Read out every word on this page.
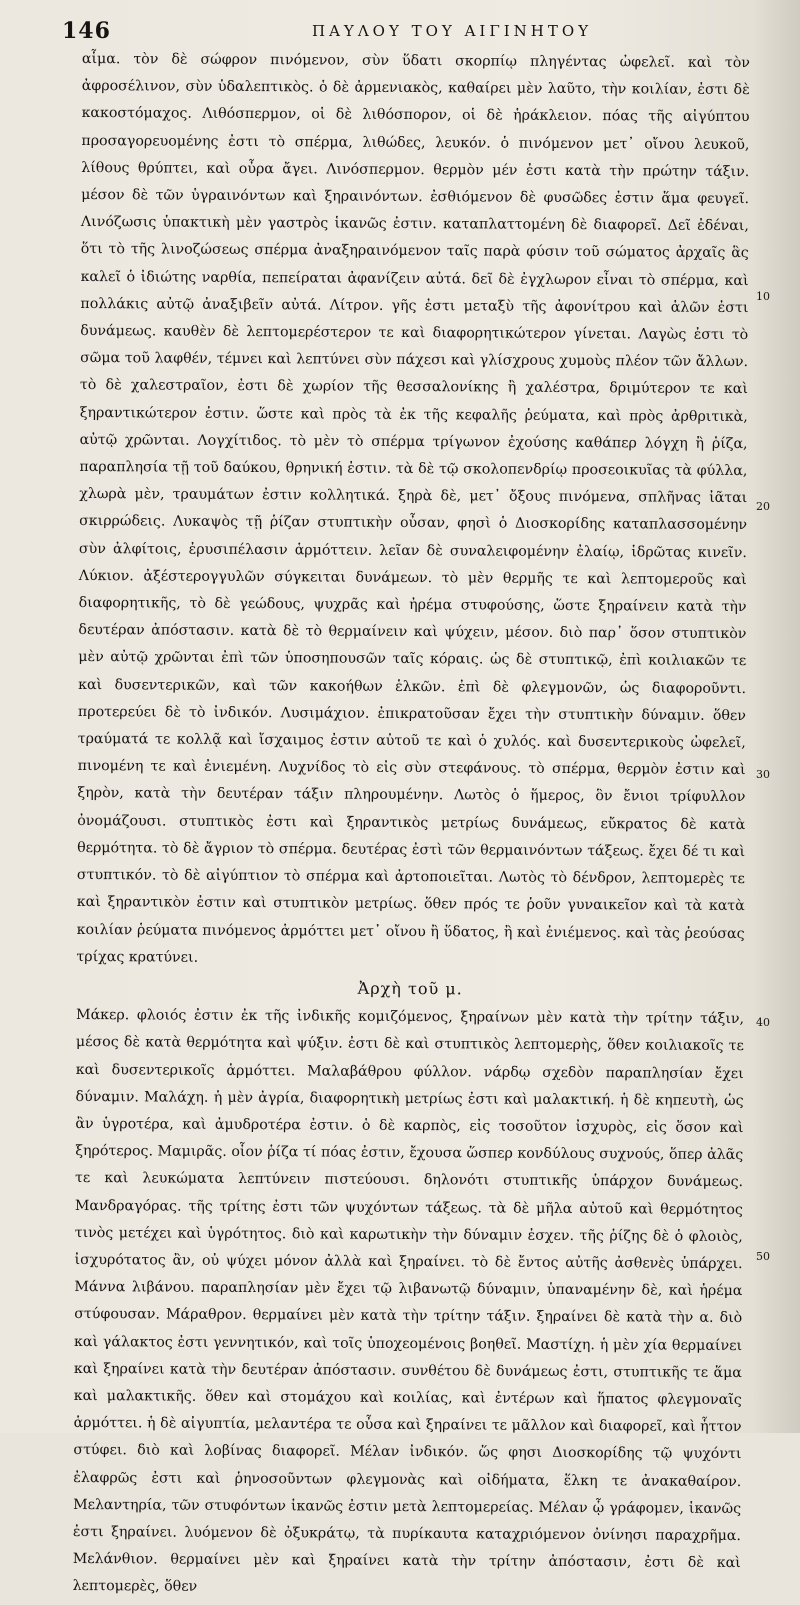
146	ΠΑΥΛΟΥ ΤΟΥ ΑΙΓΙΝΗΤΟΥ

αἷμα. τὸν δὲ σώφρον πινόμενον, σὺν ὕδατι σκορπίῳ πληγέντας ὠφελεῖ. καὶ τὸν ἀφροσέλινον, σὺν ὑδαλεπτικὸς. ὁ δὲ ἀρμενιακὸς, καθαίρει μὲν λαῦτο, τὴν κοιλίαν, ἐστι δὲ κακοστόμαχος. Λιθόσπερμον, οἱ δὲ λιθόσπορον, οἱ δὲ ἡράκλειον. πόας τῆς αἰγύπτου προσαγορευομένης ἐστι τὸ σπέρμα, λιθώδες, λευκόν. ὁ πινόμενον μετ᾽ οἴνου λευκοῦ, λίθους θρύπτει, καὶ οὖρα ἄγει. Λινόσπερμον. θερμὸν μέν ἐστι κατὰ τὴν πρώτην τάξιν. μέσον δὲ τῶν ὑγραινόντων καὶ ξηραινόντων. ἐσθιόμενον δὲ φυσῶδες ἐστιν ἅμα φευγεῖ. Λινόζωσις ὑπακτικὴ μὲν γαστρὸς ἱκανῶς ἐστιν. καταπλαττομένη δὲ διαφορεῖ. Δεῖ ἐδέναι, ὅτι τὸ τῆς λινοζώσεως σπέρμα ἀναξηραινόμενον ταῖς παρὰ φύσιν τοῦ σώματος ἀρχαῖς ἃς καλεῖ ὁ ἰδιώτης ναρθία, πεπείραται ἀφανίζειν αὐτά. δεῖ δὲ ἐγχλωρον εἶναι τὸ σπέρμα, καὶ πολλάκις αὐτῷ ἀναξιβεῖν αὐτά. Λίτρον. γῆς ἐστι μεταξὺ τῆς ἀφονίτρου καὶ ἁλῶν ἐστι δυνάμεως. καυθὲν δὲ λεπτομερέστερον τε καὶ διαφορητικώτερον γίνεται. Λαγὼς ἐστι τὸ σῶμα τοῦ λαφθέν, τέμνει καὶ λεπτύνει σὺν πάχεσι καὶ γλίσχρους χυμοὺς πλέον τῶν ἄλλων. τὸ δὲ χαλεστραῖον, ἐστι δὲ χωρίον τῆς θεσσαλονίκης ἢ χαλέστρα, δριμύτερον τε καὶ ξηραντικώτερον ἐστιν. ὥστε καὶ πρὸς τὰ ἐκ τῆς κεφαλῆς ῥεύματα, καὶ πρὸς ἀρθριτικὰ, αὐτῷ χρῶνται. Λογχίτιδος. τὸ μὲν τὸ σπέρμα τρίγωνον ἐχούσης καθάπερ λόγχη ἢ ῥίζα, παραπλησία τῇ τοῦ δαύκου, θρηνική ἐστιν. τὰ δὲ τῷ σκολοπενδρίῳ προσεοικυῖας τὰ φύλλα, χλωρὰ μὲν, τραυμάτων ἐστιν κολλητικά. ξηρὰ δὲ, μετ᾽ ὄξους πινόμενα, σπλῆνας ἰᾶται σκιρρώδεις. Λυκαψὸς τῇ ῥίζαν στυπτικὴν οὖσαν, φησὶ ὁ Διοσκορίδης καταπλασσομένην σὺν ἀλφίτοις, ἐρυσιπέλασιν ἁρμόττειν. λεῖαν δὲ συναλειφομένην ἐλαίῳ, ἱδρῶτας κινεῖν. Λύκιον. ἀξέστερογγυλῶν σύγκειται δυνάμεων. τὸ μὲν θερμῆς τε καὶ λεπτομεροῦς καὶ διαφορητικῆς, τὸ δὲ γεώδους, ψυχρᾶς καὶ ἠρέμα στυφούσης, ὥστε ξηραίνειν κατὰ τὴν δευτέραν ἀπόστασιν. κατὰ δὲ τὸ θερμαίνειν καὶ ψύχειν, μέσον. διὸ παρ᾽ ὅσον στυπτικὸν μὲν αὐτῷ χρῶνται ἐπὶ τῶν ὑποσηπουσῶν ταῖς κόραις. ὡς δὲ στυπτικῷ, ἐπὶ κοιλιακῶν τε καὶ δυσεντερικῶν, καὶ τῶν κακοήθων ἑλκῶν. ἐπὶ δὲ φλεγμονῶν, ὡς διαφοροῦντι. προτερεύει δὲ τὸ ἰνδικόν. Λυσιμάχιον. ἐπικρατοῦσαν ἔχει τὴν στυπτικὴν δύναμιν. ὅθεν τραύματά τε κολλᾷ καὶ ἴσχαιμος ἐστιν αὐτοῦ τε καὶ ὁ χυλός. καὶ δυσεντερικοὺς ὠφελεῖ, πινομένη τε καὶ ἐνιεμένη. Λυχνίδος τὸ εἰς σὺν στεφάνους. τὸ σπέρμα, θερμὸν ἐστιν καὶ ξηρὸν, κατὰ τὴν δευτέραν τάξιν πληρουμένην. Λωτὸς ὁ ἥμερος, ὃν ἔνιοι τρίφυλλον ὀνομάζουσι. στυπτικὸς ἐστι καὶ ξηραντικὸς μετρίως δυνάμεως, εὔκρατος δὲ κατὰ θερμότητα. τὸ δὲ ἄγριον τὸ σπέρμα. δευτέρας ἐστὶ τῶν θερμαινόντων τάξεως. ἔχει δέ τι καὶ στυπτικόν. τὸ δὲ αἰγύπτιον τὸ σπέρμα καὶ ἀρτοποιεῖται. Λωτὸς τὸ δένδρον, λεπτομερὲς τε καὶ ξηραντικὸν ἐστιν καὶ στυπτικὸν μετρίως. ὅθεν πρός τε ῥοῦν γυναικεῖον καὶ τὰ κατὰ κοιλίαν ῥεύματα πινόμενος ἁρμόττει μετ᾽ οἴνου ἢ ὕδατος, ἢ καὶ ἐνιέμενος. καὶ τὰς ῥεούσας τρίχας κρατύνει.

Ἀρχὴ τοῦ μ.

Μάκερ. φλοιός ἐστιν ἐκ τῆς ἰνδικῆς κομιζόμενος, ξηραίνων μὲν κατὰ τὴν τρίτην τάξιν, μέσος δὲ κατὰ θερμότητα καὶ ψύξιν. ἐστι δὲ καὶ στυπτικὸς λεπτομερὴς, ὅθεν κοιλιακοῖς τε καὶ δυσεντερικοῖς ἁρμόττει. Μαλαβάθρου φύλλον. νάρδῳ σχεδὸν παραπλησίαν ἔχει δύναμιν. Μαλάχη. ἡ μὲν ἀγρία, διαφορητικὴ μετρίως ἐστι καὶ μαλακτική. ἡ δὲ κηπευτὴ, ὡς ἂν ὑγροτέρα, καὶ ἀμυδροτέρα ἐστιν. ὁ δὲ καρπὸς, εἰς τοσοῦτον ἰσχυρὸς, εἰς ὅσον καὶ ξηρότερος. Μαμιρᾶς. οἷον ῥίζα τί πόας ἐστιν, ἔχουσα ὥσπερ κονδύλους συχνούς, ὅπερ ἀλᾶς τε καὶ λευκώματα λεπτύνειν πιστεύουσι. δηλονότι στυπτικῆς ὑπάρχον δυνάμεως. Μανδραγόρας. τῆς τρίτης ἐστι τῶν ψυχόντων τάξεως. τὰ δὲ μῆλα αὐτοῦ καὶ θερμότητος τινὸς μετέχει καὶ ὑγρότητος. διὸ καὶ καρωτικὴν τὴν δύναμιν ἐσχεν. τῆς ῥίζης δὲ ὁ φλοιὸς, ἰσχυρότατος ἂν, οὐ ψύχει μόνον ἀλλὰ καὶ ξηραίνει. τὸ δὲ ἔντος αὐτῆς ἀσθενὲς ὑπάρχει. Μάννα λιβάνου. παραπλησίαν μὲν ἔχει τῷ λιβανωτῷ δύναμιν, ὑπαναμένην δὲ, καὶ ἠρέμα στύφουσαν. Μάραθρον. θερμαίνει μὲν κατὰ τὴν τρίτην τάξιν. ξηραίνει δὲ κατὰ τὴν α. διὸ καὶ γάλακτος ἐστι γεννητικόν, καὶ τοῖς ὑποχεομένοις βοηθεῖ. Μαστίχη. ἡ μὲν χία θερμαίνει καὶ ξηραίνει κατὰ τὴν δευτέραν ἀπόστασιν. συνθέτου δὲ δυνάμεως ἐστι, στυπτικῆς τε ἅμα καὶ μαλακτικῆς. ὅθεν καὶ στομάχου καὶ κοιλίας, καὶ ἐντέρων καὶ ἥπατος φλεγμοναῖς ἁρμόττει. ἡ δὲ αἰγυπτία, μελαντέρα τε οὖσα καὶ ξηραίνει τε μᾶλλον καὶ διαφορεῖ, καὶ ἧττον στύφει. διὸ καὶ λοβίνας διαφορεῖ. Μέλαν ἰνδικόν. ὥς φησι Διοσκορίδης τῷ ψυχόντι ἐλαφρῶς ἐστι καὶ ῥηνοσοῦντων φλεγμονὰς καὶ οἰδήματα, ἕλκη τε ἀνακαθαίρον. Μελαντηρία, τῶν στυφόντων ἱκανῶς ἐστιν μετὰ λεπτομερείας. Μέλαν ᾧ γράφομεν, ἱκανῶς ἐστι ξηραίνει. λυόμενον δὲ ὀξυκράτῳ, τὰ πυρίκαυτα καταχριόμενον ὀνίνησι παραχρῆμα. Μελάνθιον. θερμαίνει μὲν καὶ ξηραίνει κατὰ τὴν τρίτην ἀπόστασιν, ἐστι δὲ καὶ λεπτομερὲς, ὅθεν

10
20
30
40
50
